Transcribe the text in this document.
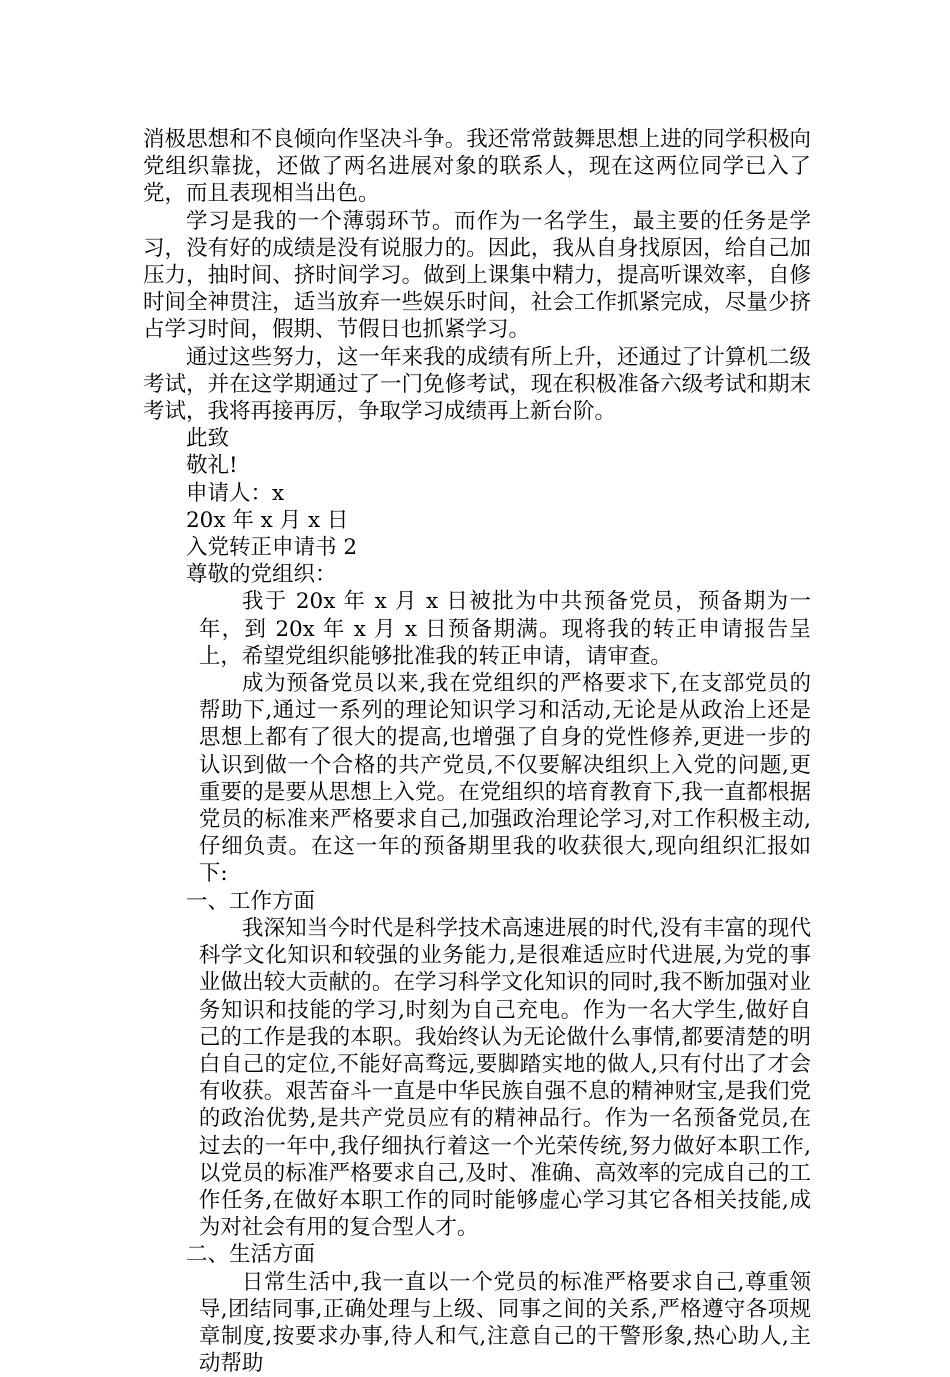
消极思想和不良倾向作坚决斗争。我还常常鼓舞思想上进的同学积极向党组织靠拢，还做了两名进展对象的联系人，现在这两位同学已入了党，而且表现相当出色。

学习是我的一个薄弱环节。而作为一名学生，最主要的任务是学习，没有好的成绩是没有说服力的。因此，我从自身找原因，给自己加压力，抽时间、挤时间学习。做到上课集中精力，提高听课效率，自修时间全神贯注，适当放弃一些娱乐时间，社会工作抓紧完成，尽量少挤占学习时间，假期、节假日也抓紧学习。

通过这些努力，这一年来我的成绩有所上升，还通过了计算机二级考试，并在这学期通过了一门免修考试，现在积极准备六级考试和期末考试，我将再接再厉，争取学习成绩再上新台阶。

此致

敬礼!

申请人：x

20x 年 x 月 x 日

入党转正申请书 2

尊敬的党组织：

我于 20x 年 x 月 x 日被批为中共预备党员，预备期为一年，到 20x 年 x 月 x 日预备期满。现将我的转正申请报告呈上，希望党组织能够批准我的转正申请，请审查。

成为预备党员以来,我在党组织的严格要求下,在支部党员的帮助下,通过一系列的理论知识学习和活动,无论是从政治上还是思想上都有了很大的提高,也增强了自身的党性修养,更进一步的认识到做一个合格的共产党员,不仅要解决组织上入党的问题,更重要的是要从思想上入党。在党组织的培育教育下,我一直都根据党员的标准来严格要求自己,加强政治理论学习,对工作积极主动,仔细负责。在这一年的预备期里我的收获很大,现向组织汇报如下:

一、工作方面

我深知当今时代是科学技术高速进展的时代,没有丰富的现代科学文化知识和较强的业务能力,是很难适应时代进展,为党的事业做出较大贡献的。在学习科学文化知识的同时,我不断加强对业务知识和技能的学习,时刻为自己充电。作为一名大学生,做好自己的工作是我的本职。我始终认为无论做什么事情,都要清楚的明白自己的定位,不能好高骛远,要脚踏实地的做人,只有付出了才会有收获。艰苦奋斗一直是中华民族自强不息的精神财宝,是我们党的政治优势,是共产党员应有的精神品行。作为一名预备党员,在过去的一年中,我仔细执行着这一个光荣传统,努力做好本职工作,以党员的标准严格要求自己,及时、准确、高效率的完成自己的工作任务,在做好本职工作的同时能够虚心学习其它各相关技能,成为对社会有用的复合型人才。

二、生活方面

日常生活中,我一直以一个党员的标准严格要求自己,尊重领导,团结同事,正确处理与上级、同事之间的关系,严格遵守各项规章制度,按要求办事,待人和气,注意自己的干警形象,热心助人,主动帮助
